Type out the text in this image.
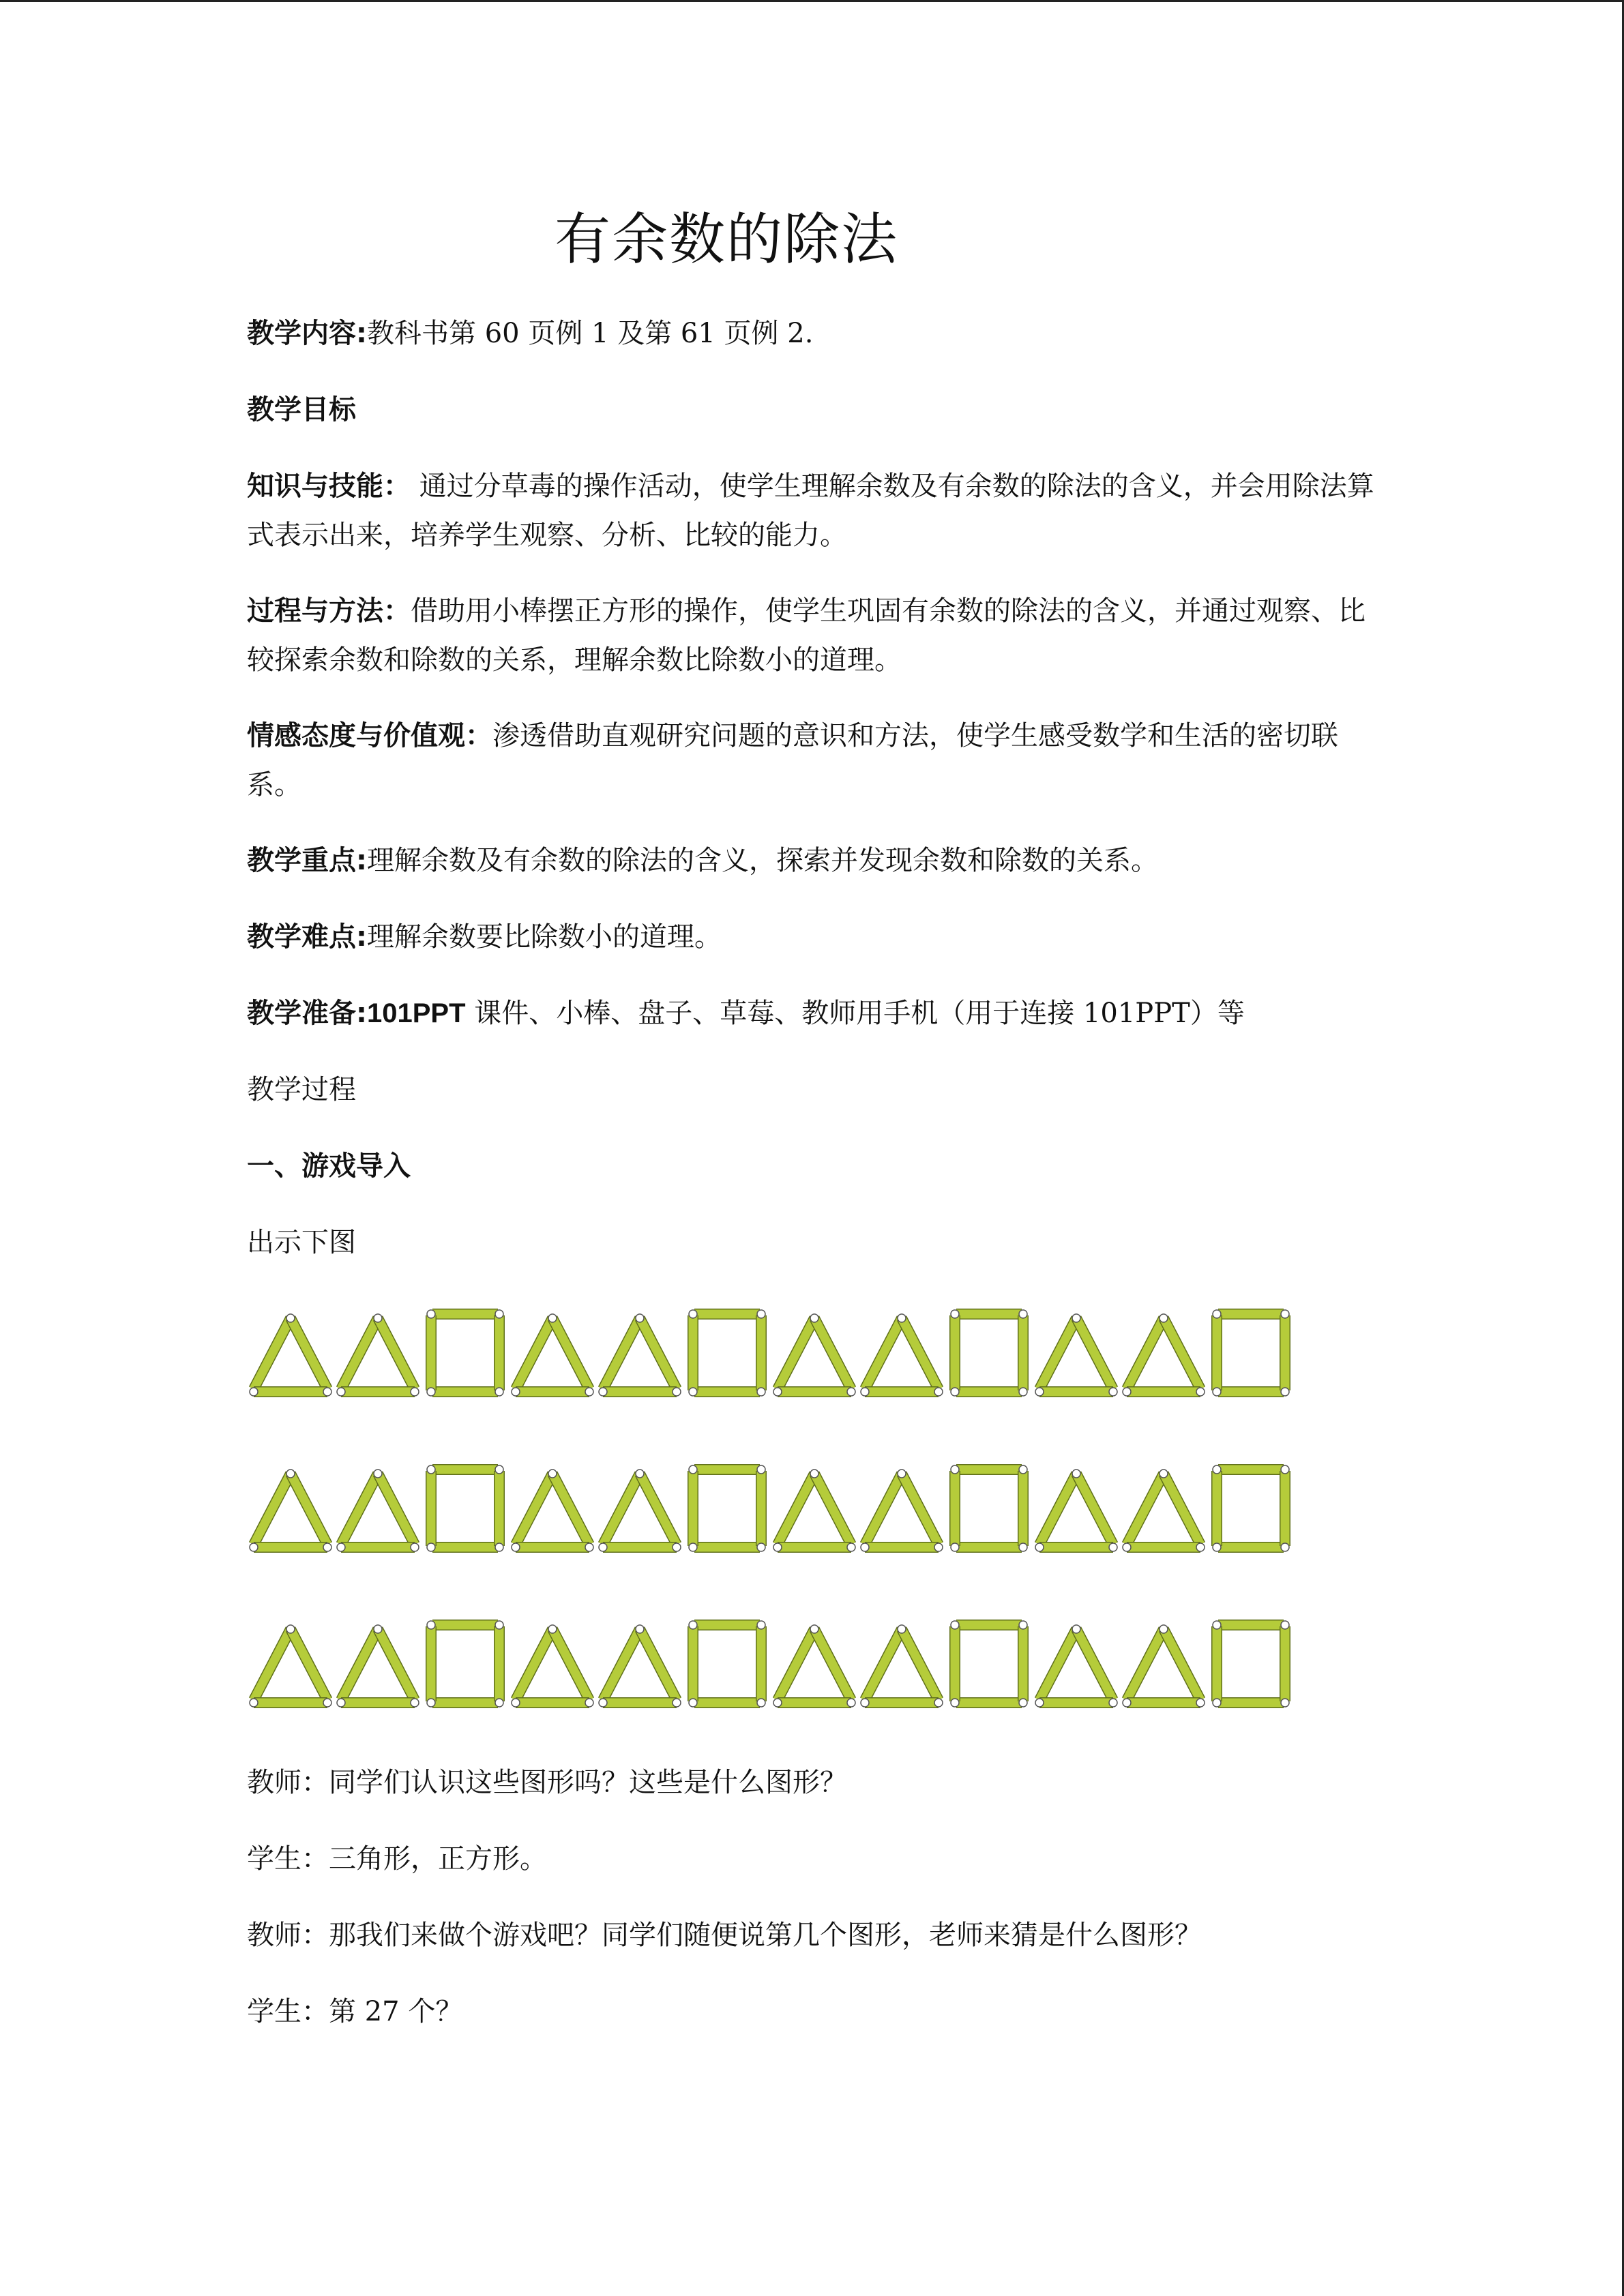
有余数的除法
教学内容:教科书第 60 页例 1 及第 61 页例 2.
教学目标
知识与技能： 通过分草毒的操作活动，使学生理解余数及有余数的除法的含义，并会用除法算式表示出来，培养学生观察、分析、比较的能力。
过程与方法：借助用小棒摆正方形的操作，使学生巩固有余数的除法的含义，并通过观察、比较探索余数和除数的关系，理解余数比除数小的道理。
情感态度与价值观：渗透借助直观研究问题的意识和方法，使学生感受数学和生活的密切联系。
教学重点:理解余数及有余数的除法的含义，探索并发现余数和除数的关系。
教学难点:理解余数要比除数小的道理。
教学准备:101PPT 课件、小棒、盘子、草莓、教师用手机（用于连接 101PPT）等
教学过程
一、游戏导入
出示下图
教师：同学们认识这些图形吗？这些是什么图形？
学生：三角形，正方形。
教师：那我们来做个游戏吧？同学们随便说第几个图形，老师来猜是什么图形？
学生：第 27 个？
